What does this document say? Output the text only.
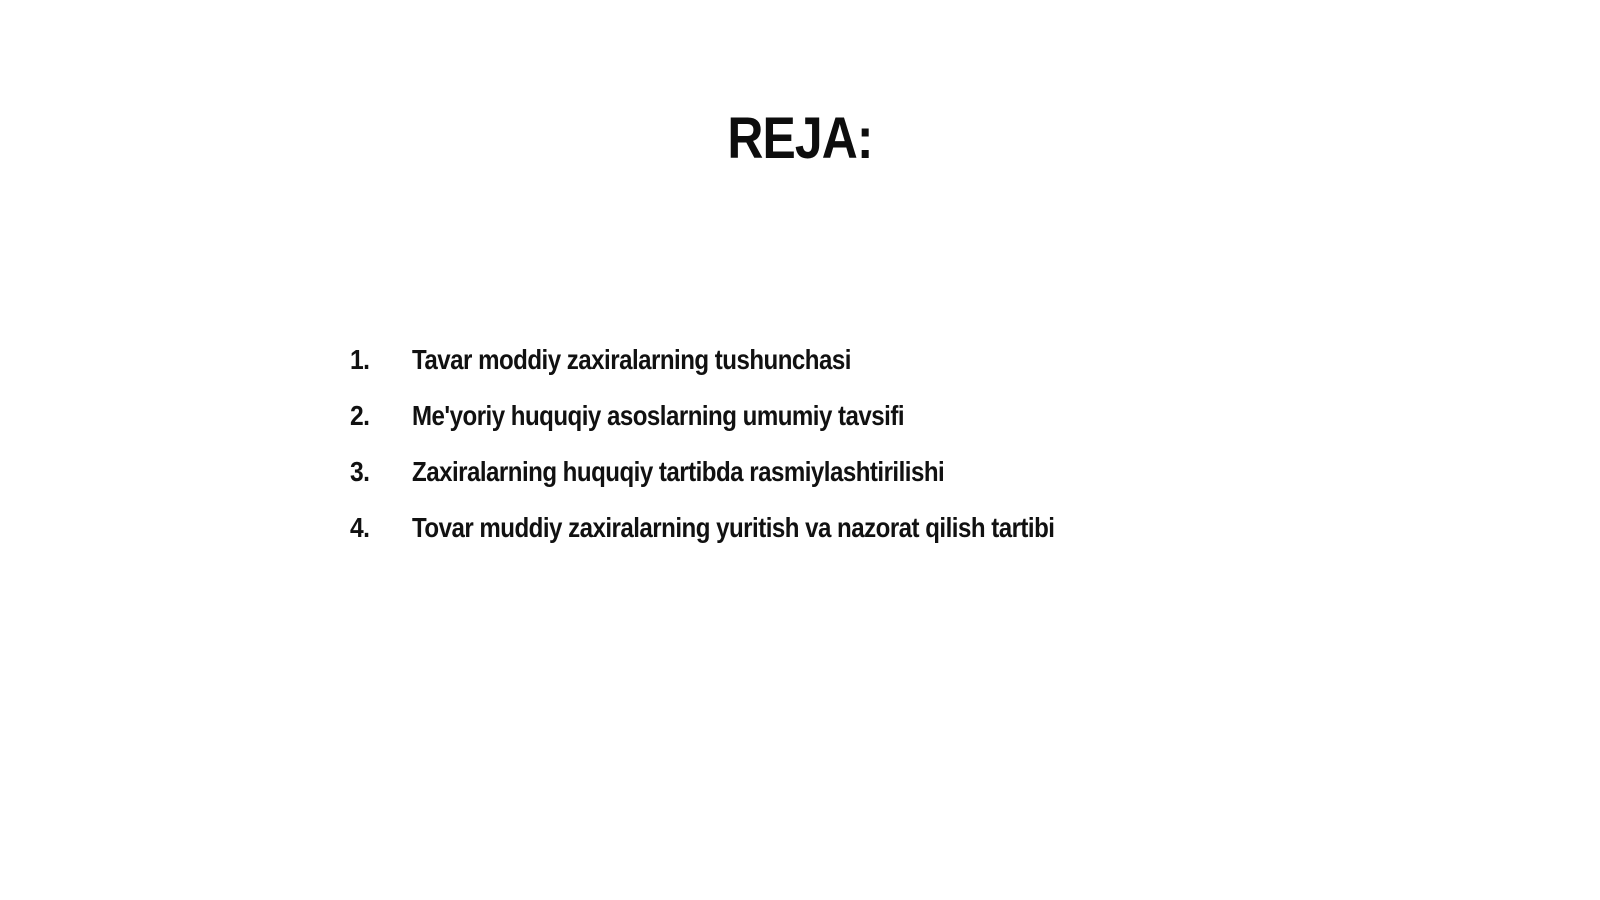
REJA:
1.	Tavar moddiy zaxiralarning tushunchasi
2.	Me'yoriy huquqiy asoslarning umumiy tavsifi
3.	Zaxiralarning huquqiy tartibda rasmiylashtirilishi
4.	Tovar muddiy zaxiralarning yuritish va nazorat qilish tartibi
